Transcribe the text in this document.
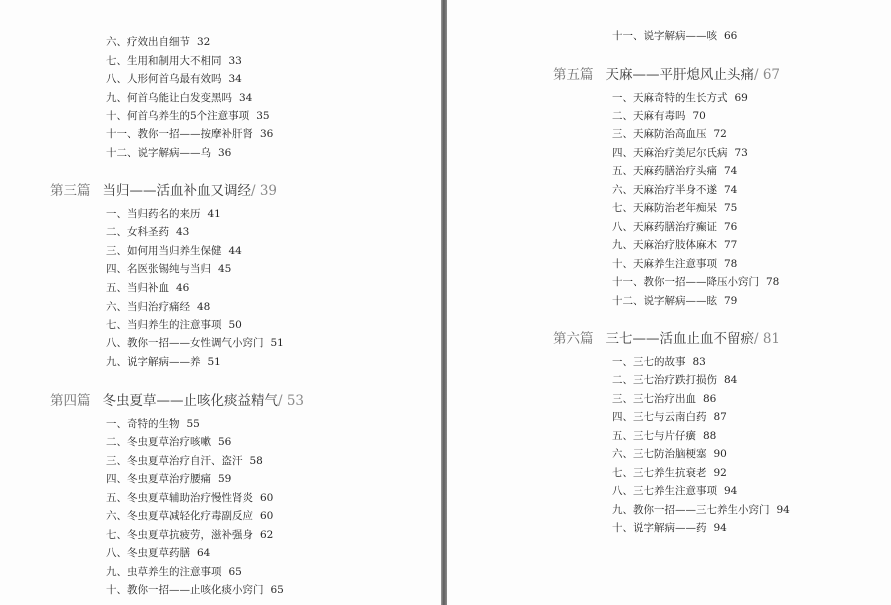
六、疗效出自细节 32
七、生用和制用大不相同 33
八、人形何首乌最有效吗 34
九、何首乌能让白发变黑吗 34
十、何首乌养生的5个注意事项 35
十一、教你一招——按摩补肝肾 36
十二、说字解病——乌 36
第三篇 当归——活血补血又调经/ 39
一、当归药名的来历 41
二、女科圣药 43
三、如何用当归养生保健 44
四、名医张锡纯与当归 45
五、当归补血 46
六、当归治疗痛经 48
七、当归养生的注意事项 50
八、教你一招——女性调气小窍门 51
九、说字解病——养 51
第四篇 冬虫夏草——止咳化痰益精气/ 53
一、奇特的生物 55
二、冬虫夏草治疗咳嗽 56
三、冬虫夏草治疗自汗、盗汗 58
四、冬虫夏草治疗腰痛 59
五、冬虫夏草辅助治疗慢性肾炎 60
六、冬虫夏草减轻化疗毒副反应 60
七、冬虫夏草抗疲劳，滋补强身 62
八、冬虫夏草药膳 64
九、虫草养生的注意事项 65
十、教你一招——止咳化痰小窍门 65
十一、说字解病——咳 66
第五篇 天麻——平肝熄风止头痛/ 67
一、天麻奇特的生长方式 69
二、天麻有毒吗 70
三、天麻防治高血压 72
四、天麻治疗美尼尔氏病 73
五、天麻药膳治疗头痛 74
六、天麻治疗半身不遂 74
七、天麻防治老年痴呆 75
八、天麻药膳治疗癫证 76
九、天麻治疗肢体麻木 77
十、天麻养生注意事项 78
十一、教你一招——降压小窍门 78
十二、说字解病——眩 79
第六篇 三七——活血止血不留瘀/ 81
一、三七的故事 83
二、三七治疗跌打损伤 84
三、三七治疗出血 86
四、三七与云南白药 87
五、三七与片仔癀 88
六、三七防治脑梗塞 90
七、三七养生抗衰老 92
八、三七养生注意事项 94
九、教你一招——三七养生小窍门 94
十、说字解病——药 94
